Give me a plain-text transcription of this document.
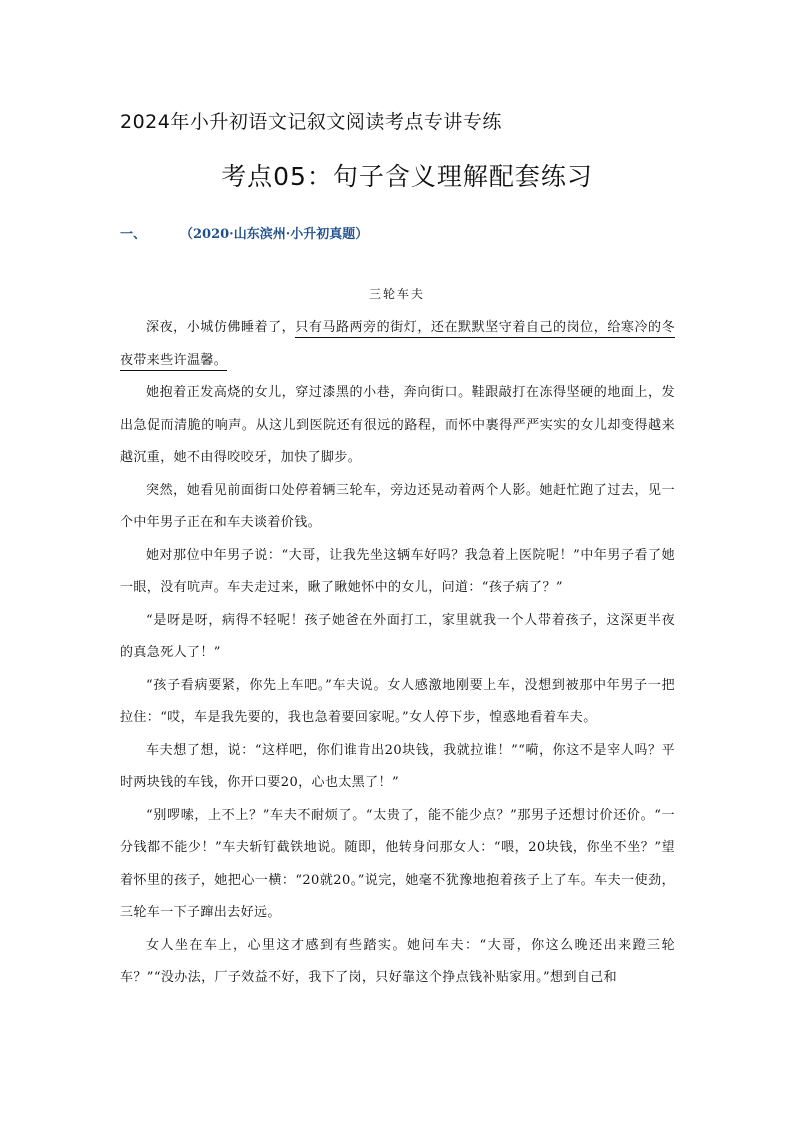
2024年小升初语文记叙文阅读考点专讲专练
考点05：句子含义理解配套练习
一、	（2020·山东滨州·小升初真题）
三轮车夫

深夜，小城仿佛睡着了，只有马路两旁的街灯，还在默默坚守着自己的岗位，给寒冷的冬夜带来些许温馨。

她抱着正发高烧的女儿，穿过漆黑的小巷，奔向街口。鞋跟敲打在冻得坚硬的地面上，发出急促而清脆的响声。从这儿到医院还有很远的路程，而怀中裹得严严实实的女儿却变得越来越沉重，她不由得咬咬牙，加快了脚步。

突然，她看见前面街口处停着辆三轮车，旁边还晃动着两个人影。她赶忙跑了过去，见一个中年男子正在和车夫谈着价钱。

她对那位中年男子说：“大哥，让我先坐这辆车好吗？我急着上医院呢！”中年男子看了她一眼，没有吭声。车夫走过来，瞅了瞅她怀中的女儿，问道：“孩子病了？”

“是呀是呀，病得不轻呢！孩子她爸在外面打工，家里就我一个人带着孩子，这深更半夜的真急死人了！”

“孩子看病要紧，你先上车吧。”车夫说。女人感激地刚要上车，没想到被那中年男子一把拉住：“哎，车是我先要的，我也急着要回家呢。”女人停下步，惶惑地看着车夫。

车夫想了想，说：“这样吧，你们谁肯出20块钱，我就拉谁！”“嗬，你这不是宰人吗？平时两块钱的车钱，你开口要20，心也太黑了！”

“别啰嗦，上不上？”车夫不耐烦了。“太贵了，能不能少点？”那男子还想讨价还价。“一分钱都不能少！”车夫斩钉截铁地说。随即，他转身问那女人：“喂，20块钱，你坐不坐？”望着怀里的孩子，她把心一横：“20就20。”说完，她毫不犹豫地抱着孩子上了车。车夫一使劲，三轮车一下子蹿出去好远。

女人坐在车上，心里这才感到有些踏实。她问车夫：“大哥，你这么晚还出来蹬三轮车？”“没办法，厂子效益不好，我下了岗，只好靠这个挣点钱补贴家用。”想到自己和
